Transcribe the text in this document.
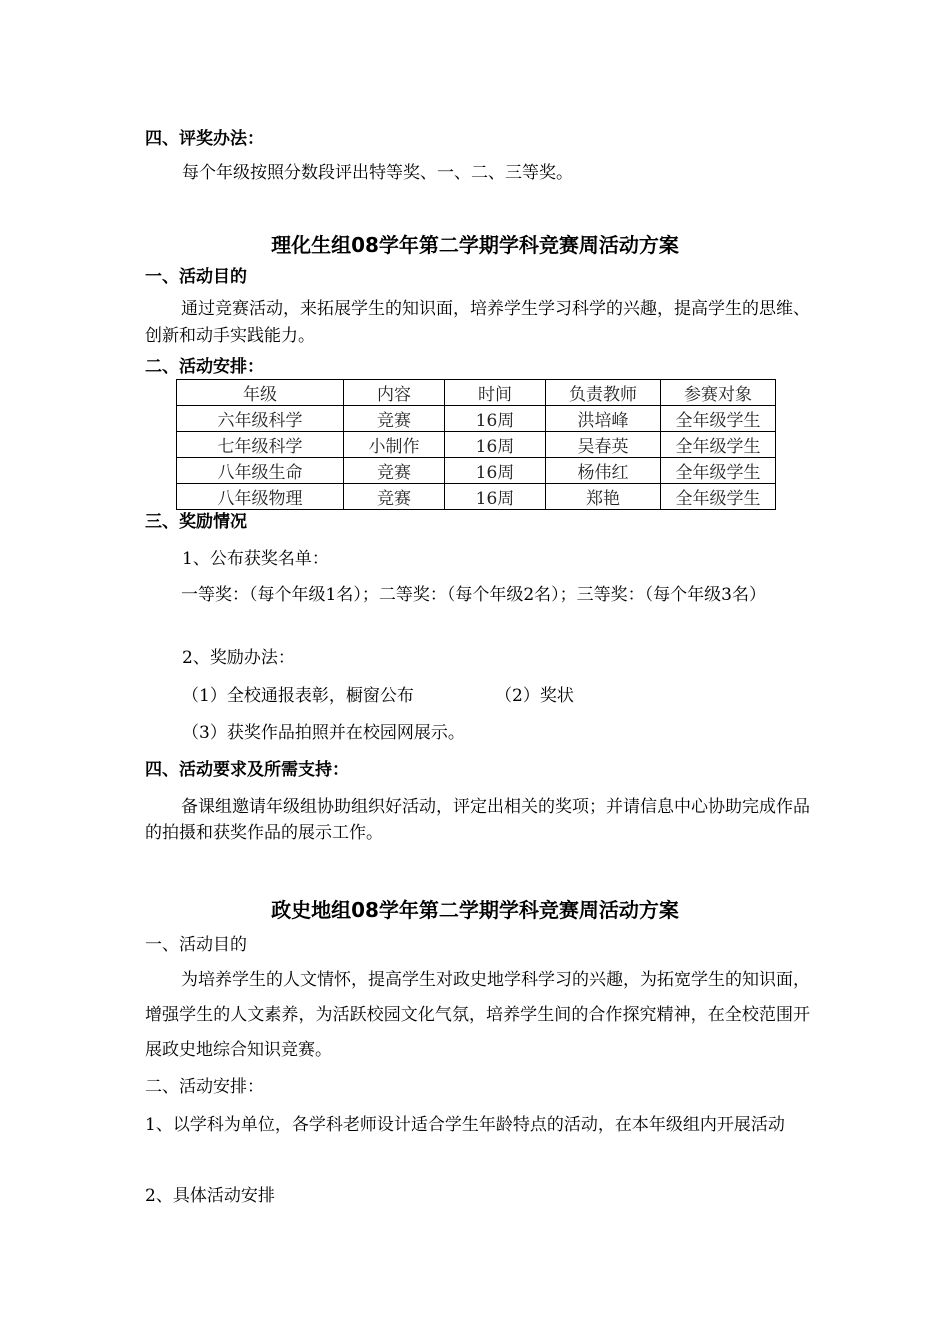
四、评奖办法：
每个年级按照分数段评出特等奖、一、二、三等奖。
理化生组08学年第二学期学科竞赛周活动方案
一、活动目的
通过竞赛活动，来拓展学生的知识面，培养学生学习科学的兴趣，提高学生的思维、创新和动手实践能力。
二、活动安排：
年级	内容	时间	负责教师	参赛对象
六年级科学	竞赛	16周	洪培峰	全年级学生
七年级科学	小制作	16周	吴春英	全年级学生
八年级生命	竞赛	16周	杨伟红	全年级学生
八年级物理	竞赛	16周	郑艳	全年级学生
三、奖励情况
1、公布获奖名单：
一等奖：（每个年级1名）；二等奖：（每个年级2名）；三等奖：（每个年级3名）
2、奖励办法：
（1）全校通报表彰，橱窗公布	（2）奖状
（3）获奖作品拍照并在校园网展示。
四、活动要求及所需支持：
备课组邀请年级组协助组织好活动，评定出相关的奖项；并请信息中心协助完成作品的拍摄和获奖作品的展示工作。
政史地组08学年第二学期学科竞赛周活动方案
一、活动目的
为培养学生的人文情怀，提高学生对政史地学科学习的兴趣，为拓宽学生的知识面，增强学生的人文素养，为活跃校园文化气氛，培养学生间的合作探究精神，在全校范围开展政史地综合知识竞赛。
二、活动安排：
1、以学科为单位，各学科老师设计适合学生年龄特点的活动，在本年级组内开展活动
2、具体活动安排
